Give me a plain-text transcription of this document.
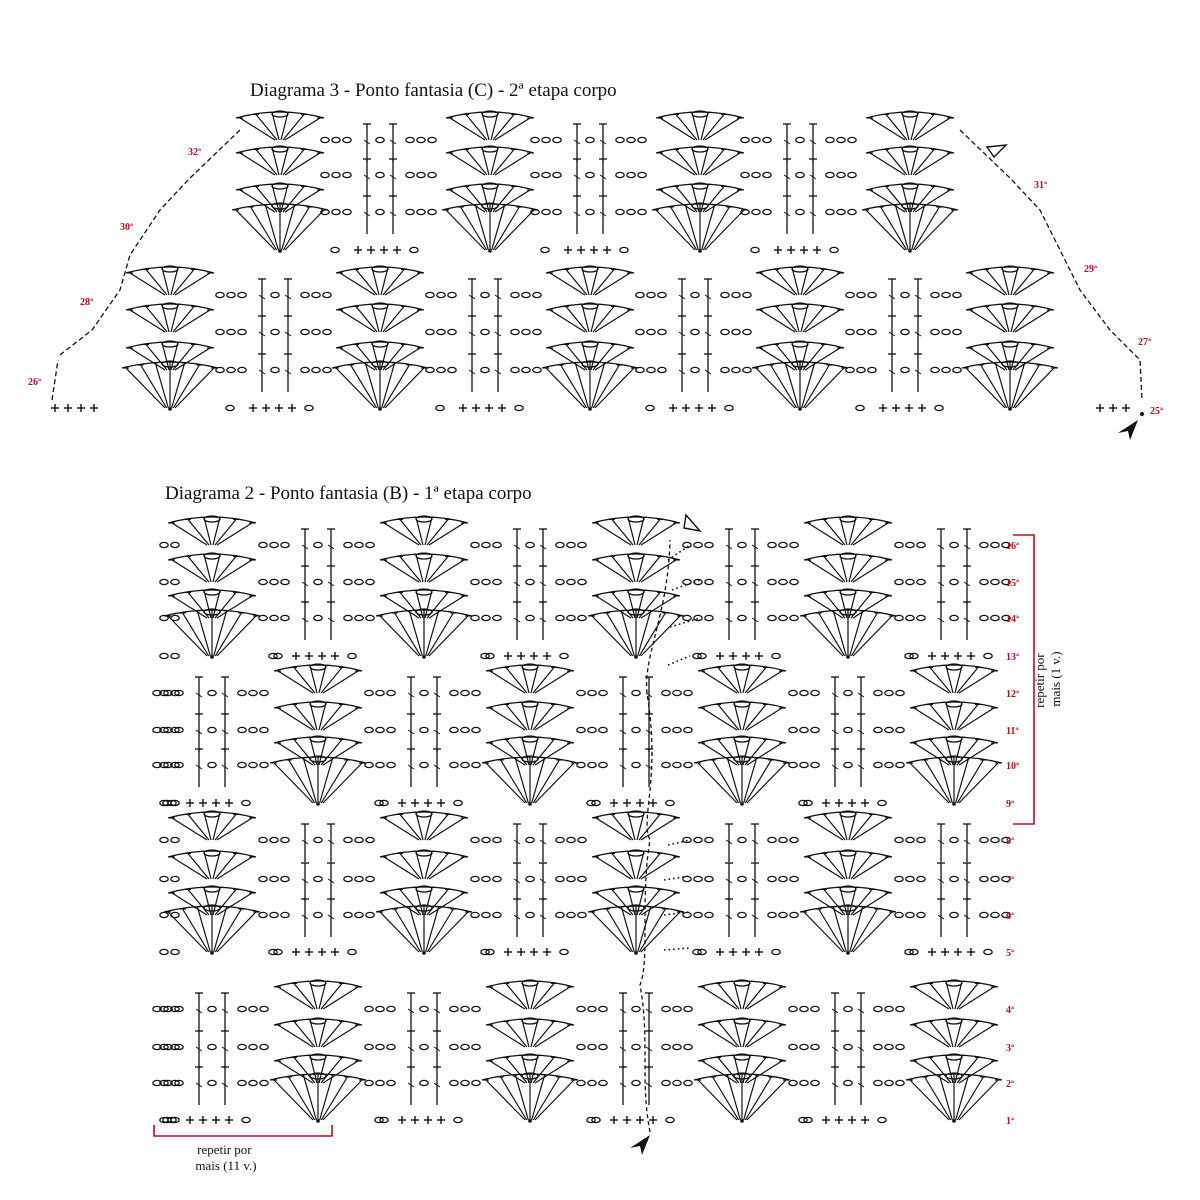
Diagrama 3 - Ponto fantasia (C) - 2ª etapa corpo
Diagrama 2 - Ponto fantasia (B) - 1ª etapa corpo
25ª
26ª
27ª
28ª
29ª
30ª
31ª
32ª
1ª
2ª
3ª
4ª
5ª
6ª
7ª
8ª
9ª
10ª
11ª
12ª
13ª
14ª
15ª
16ª
repetir por mais (1 v.)
repetir por mais (11 v.)
